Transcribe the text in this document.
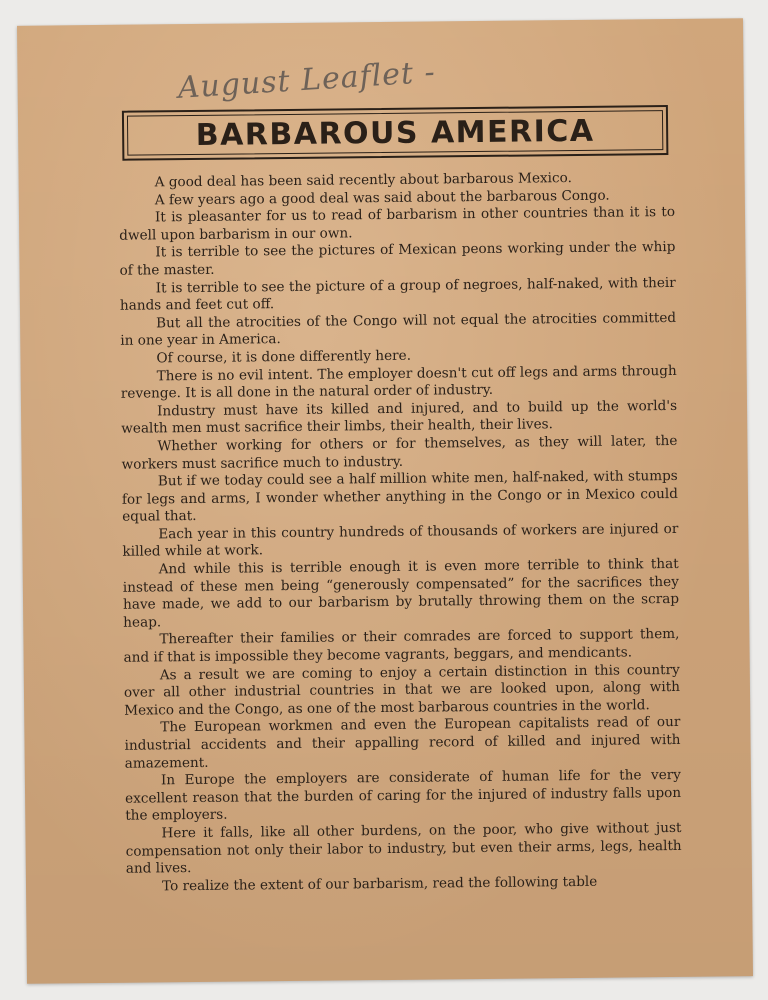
August Leaflet -
BARBAROUS AMERICA

A good deal has been said recently about barbarous Mexico.

A few years ago a good deal was said about the barbarous Congo.

It is pleasanter for us to read of barbarism in other countries than it is to dwell upon barbarism in our own.

It is terrible to see the pictures of Mexican peons working under the whip of the master.

It is terrible to see the picture of a group of negroes, half-naked, with their hands and feet cut off.

But all the atrocities of the Congo will not equal the atrocities committed in one year in America.

Of course, it is done differently here.

There is no evil intent. The employer doesn't cut off legs and arms through revenge. It is all done in the natural order of industry.

Industry must have its killed and injured, and to build up the world's wealth men must sacrifice their limbs, their health, their lives.

Whether working for others or for themselves, as they will later, the workers must sacrifice much to industry.

But if we today could see a half million white men, half-naked, with stumps for legs and arms, I wonder whether anything in the Congo or in Mexico could equal that.

Each year in this country hundreds of thousands of workers are injured or killed while at work.

And while this is terrible enough it is even more terrible to think that instead of these men being “generously compensated” for the sacrifices they have made, we add to our barbarism by brutally throwing them on the scrap heap.

Thereafter their families or their comrades are forced to support them, and if that is impossible they become vagrants, beggars, and mendicants.

As a result we are coming to enjoy a certain distinction in this country over all other industrial countries in that we are looked upon, along with Mexico and the Congo, as one of the most barbarous countries in the world.

The European workmen and even the European capitalists read of our industrial accidents and their appalling record of killed and injured with amazement.

In Europe the employers are considerate of human life for the very excellent reason that the burden of caring for the injured of industry falls upon the employers.

Here it falls, like all other burdens, on the poor, who give without just compensation not only their labor to industry, but even their arms, legs, health and lives.

To realize the extent of our barbarism, read the following table
